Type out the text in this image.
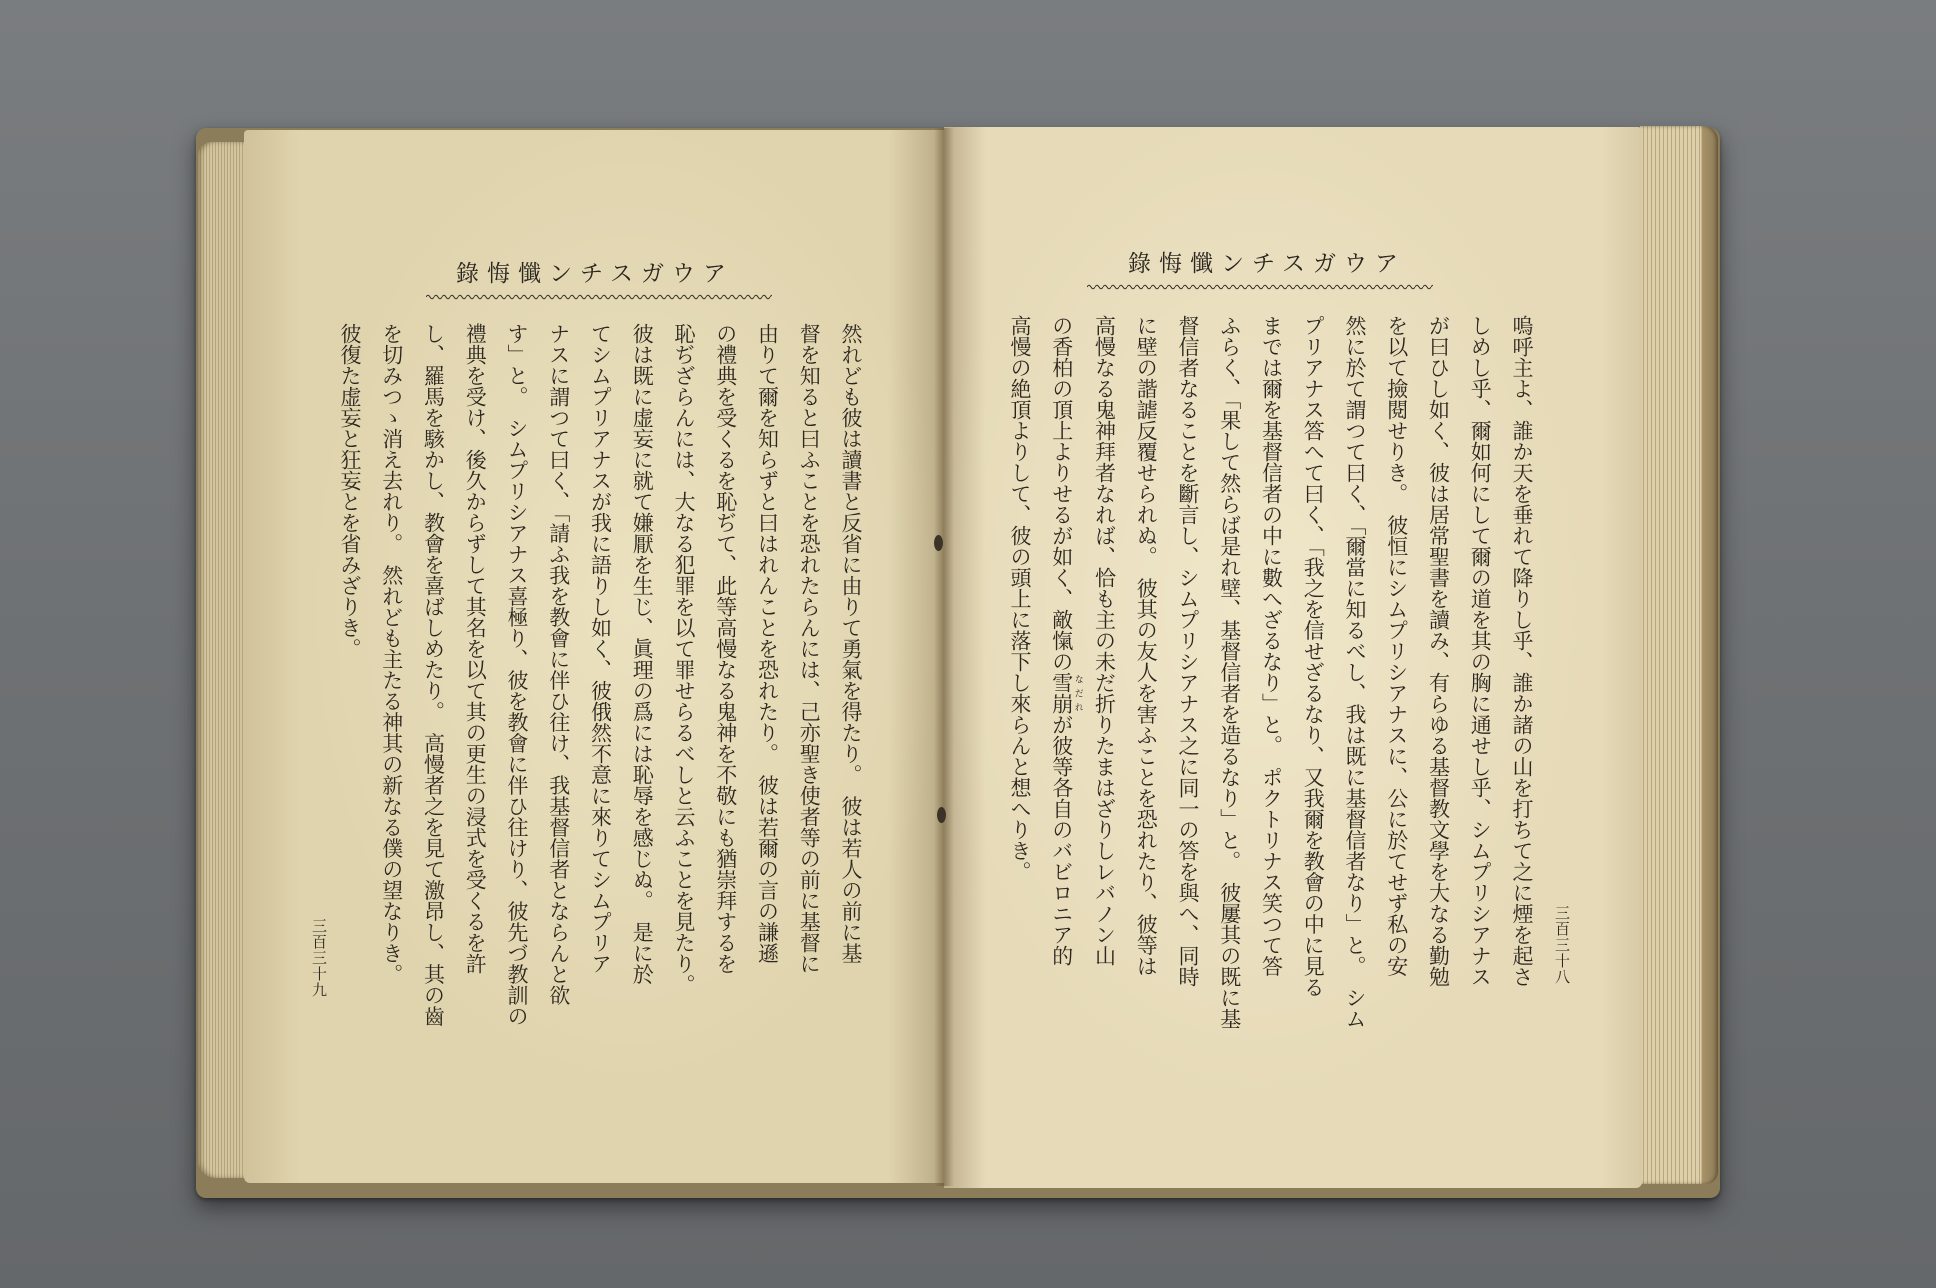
アウガスチン懺悔錄
然れども彼は讀書と反省に由りて勇氣を得たり。　彼は若人の前に基
督を知ると曰ふことを恐れたらんには、己亦聖き使者等の前に基督に
由りて爾を知らずと曰はれんことを恐れたり。　彼は若爾の言の謙遜
の禮典を受くるを恥ぢて、此等高慢なる鬼神を不敬にも猶崇拜するを
恥ぢざらんには、大なる犯罪を以て罪せらるべしと云ふことを見たり。
彼は既に虚妄に就て嫌厭を生じ、眞理の爲には恥辱を感じぬ。　是に於
てシムプリアナスが我に語りし如く、彼俄然不意に來りてシムプリア
ナスに謂つて曰く、「請ふ我を教會に伴ひ往け、我基督信者とならんと欲
す」と。　シムプリシアナス喜極り、彼を教會に伴ひ往けり、彼先づ教訓の
禮典を受け、後久からずして其名を以て其の更生の浸式を受くるを許
し、羅馬を駭かし、教會を喜ばしめたり。　高慢者之を見て激昂し、其の齒
を切みつゝ消え去れり。　然れども主たる神其の新なる僕の望なりき。
彼復た虚妄と狂妄とを省みざりき。
三百三十九
アウガスチン懺悔錄
嗚呼主よ、誰か天を垂れて降りし乎、誰か諸の山を打ちて之に煙を起さ
しめし乎、爾如何にして爾の道を其の胸に通せし乎、シムプリシアナス
が曰ひし如く、彼は居常聖書を讀み、有らゆる基督教文學を大なる勤勉
を以て撿閱せりき。　彼恒にシムプリシアナスに、公に於てせず私の安
然に於て謂つて曰く、「爾當に知るべし、我は既に基督信者なり」と。　シム
プリアナス答へて曰く、「我之を信せざるなり、又我爾を教會の中に見る
までは爾を基督信者の中に數へざるなり」と。　ポクトリナス笑つて答
ふらく、「果して然らば是れ壁、基督信者を造るなり」と。　彼屢其の既に基
督信者なることを斷言し、シムプリシアナス之に同一の答を與へ、同時
に壁の諧謔反覆せられぬ。　彼其の友人を害ふことを恐れたり、彼等は
高慢なる鬼神拜者なれば、恰も主の未だ折りたまはざりしレバノン山
の香柏の頂上よりせるが如く、敵愾の雪崩 なだれが彼等各自のバビロニア的
高慢の絶頂よりして、彼の頭上に落下し來らんと想へりき。
三百三十八
